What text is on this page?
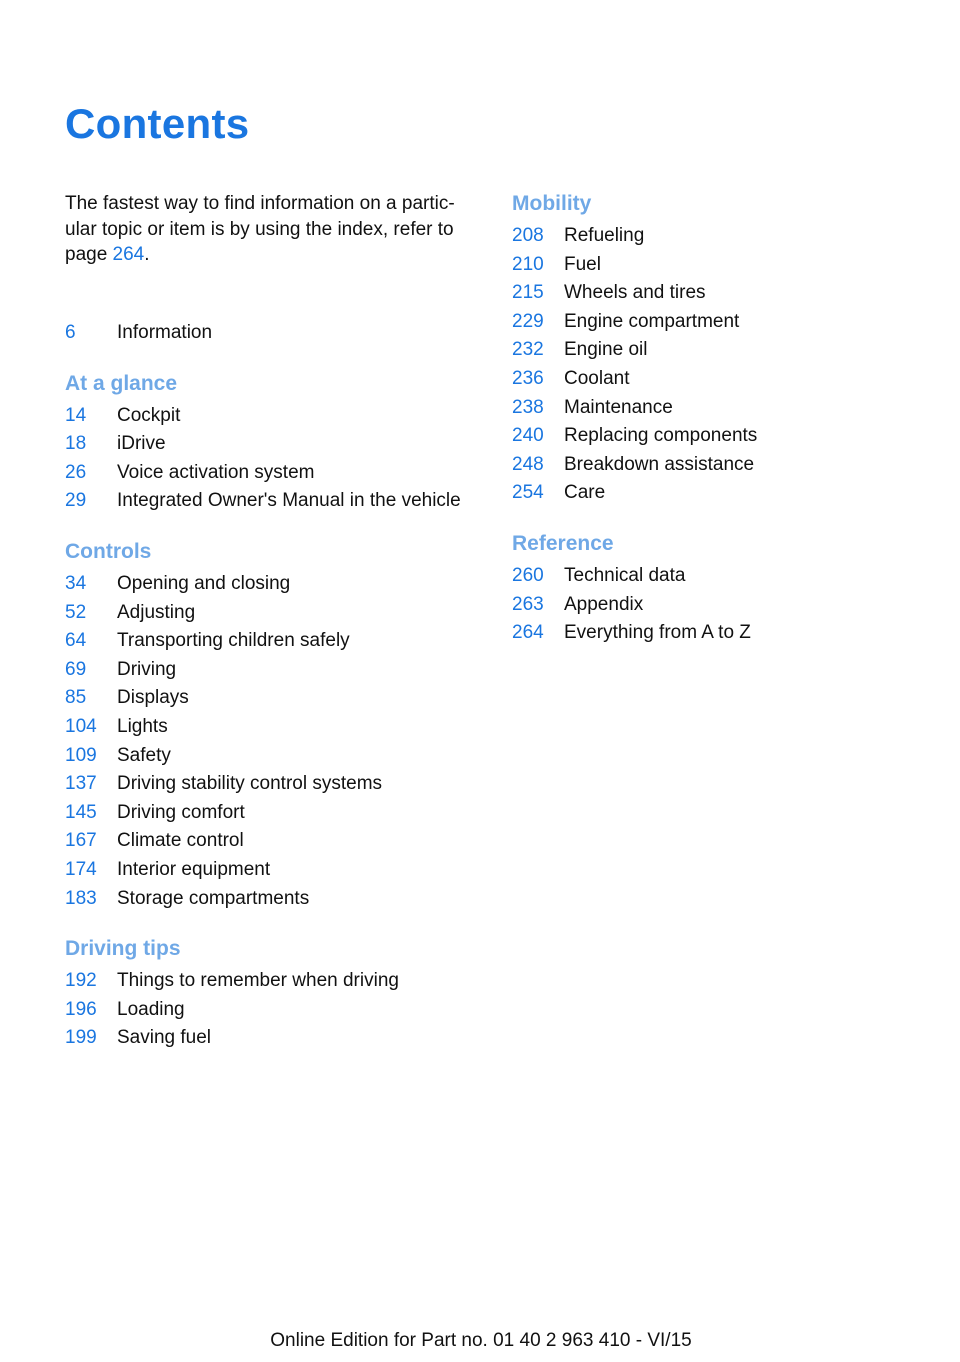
Contents
The fastest way to find information on a partic-ular topic or item is by using the index, refer to page 264.
6	Information
At a glance
14	Cockpit
18	iDrive
26	Voice activation system
29	Integrated Owner's Manual in the vehicle
Controls
34	Opening and closing
52	Adjusting
64	Transporting children safely
69	Driving
85	Displays
104	Lights
109	Safety
137	Driving stability control systems
145	Driving comfort
167	Climate control
174	Interior equipment
183	Storage compartments
Driving tips
192	Things to remember when driving
196	Loading
199	Saving fuel
Mobility
208	Refueling
210	Fuel
215	Wheels and tires
229	Engine compartment
232	Engine oil
236	Coolant
238	Maintenance
240	Replacing components
248	Breakdown assistance
254	Care
Reference
260	Technical data
263	Appendix
264	Everything from A to Z
Online Edition for Part no. 01 40 2 963 410 - VI/15
